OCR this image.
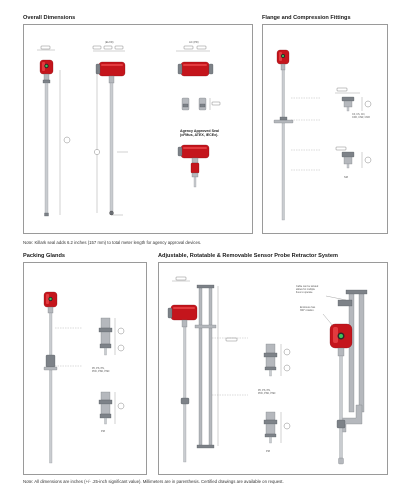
Overall Dimensions	Flange and Compression Fittings
Packing Glands	Adjustable, Rotatable & Removable Sensor Probe Retractor System
Note: Killark seal adds 6.2 inches (157 mm) to total meter length for agency approval devices.
Note: All dimensions are inches (+/- .25-inch significant value). Millimeters are in parenthesis. Certified drawings are available on request.
(ELXD)	AC (PD)
Agency Approved Seal
(cFMus, ATEX, IECEx).
CF, CS, CN,
CFR, CSR, CNR
SM
PF, PS, PN,
PFD, PSD, PND
PM
Cable can be twisted
allows for multiple
fixes to operate.
Enclosure has
360° rotation.
PF, PS, PN,
PFD, PSD, PND
PM
